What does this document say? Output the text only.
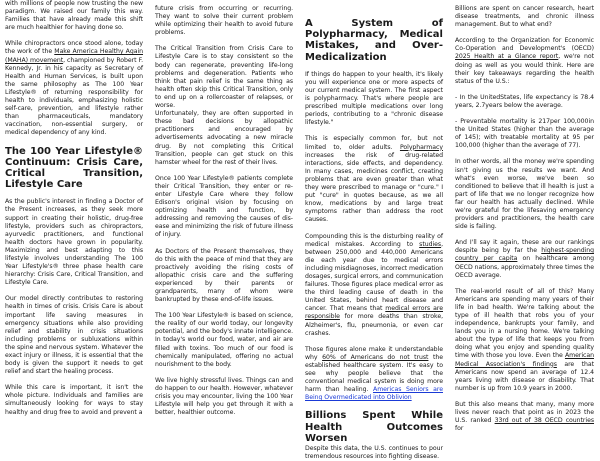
with millions of people now trusting the new paradigm. We raised our family this way. Families that have already made this shift are much healthier for having done so.

While chiropractors once stood alone, today the work of the Make America Healthy Again (MAHA) movement, championed by Robert F. Kennedy, Jr. in his capacity as Secretary of Health and Human Services, is built upon the same philosophy as The 100 Year Lifestyle® of returning responsibility for health to individuals, emphasizing holistic self-care, prevention, and lifestyle rather than pharmaceuticals, mandatory vaccination, non-essential surgery, or medical dependency of any kind.

The 100 Year Lifestyle® Continuum: Crisis Care, Critical Transition, Lifestyle Care

As the public's interest in finding a Doctor of the Present increases, as they seek more support in creating their holistic, drug-free lifestyle, providers such as chiropractors, ayurvedic practitioners, and functional health doctors have grown in popularity. Maximizing and best adapting to this lifestyle involves understanding The 100 Year Lifestyle's® three phase health care hierarchy: Crisis Care, Critical Transition, and Lifestyle Care.

Our model directly contributes to restoring health in times of crisis. Crisis Care is about important life saving measures in emergency situations while also providing relief and stability in crisis situations including problems or subluxations within the spine and nervous system. Whatever the exact injury or illness, it is essential that the body is given the support it needs to get relief and start the healing process.

While this care is important, it isn't the whole picture. Individuals and families are simultaneously looking for ways to stay healthy and drug free to avoid and prevent a

future crisis from occurring or recurring. They want to solve their current problem while optimizing their health to avoid future problems.

The Critical Transition from Crisis Care to Lifestyle Care is to stay consistent so the body can regenerate, preventing life-long problems and degeneration. Patients who think that pain relief is the same thing as health often skip this Critical Transition, only to end up on a rollercoaster of relapses, or worse.

Unfortunately, they are often supported in these bad decisions by allopathic practitioners and encouraged by advertisements advocating a new miracle drug. By not completing this Critical Transition, people can get stuck on this hamster wheel for the rest of their lives.

Once 100 Year Lifestyle® patients complete their Critical Transition, they enter or re-enter Lifestyle Care where they follow Edison's original vision by focusing on optimizing health and function, by addressing and removing the causes of dis-ease and minimizing the risk of future illness of injury.

As Doctors of the Present themselves, they do this with the peace of mind that they are proactively avoiding the rising costs of allopathic crisis care and the suffering experienced by their parents or grandparents, many of whom were bankrupted by these end-of-life issues.

The 100 Year Lifestyle® is based on science, the reality of our world today, our longevity potential, and the body's innate intelligence. In today's world our food, water, and air are filled with toxins. Too much of our food is chemically manipulated, offering no actual nourishment to the body.

We live highly stressful lives. Things can and do happen to our health. However, whatever crisis you may encounter, living the 100 Year Lifestyle will help you get through it with a better, healthier outcome.

A System of Polypharmacy, Medical Mistakes, and Over-Medicalization

If things do happen to your health, it's likely you will experience one or more aspects of our current medical system. The first aspect is polypharmacy. That's where people are prescribed multiple medications over long periods, contributing to a "chronic disease lifestyle."

This is especially common for, but not limited to, older adults. Polypharmacy increases the risk of drug-related interactions, side effects, and dependency. In many cases, medicines conflict, creating problems that are even greater than what they were prescribed to manage or "cure." I put "cure" in quotes because, as we all know, medications by and large treat symptoms rather than address the root causes.

Compounding this is the disturbing reality of medical mistakes. According to studies, between 250,000 and 440,000 Americans die each year due to medical errors including misdiagnoses, incorrect medication dosages, surgical errors, and communication failures. Those figures place medical error as the third leading cause of death in the United States, behind heart disease and cancer. That means that medical errors are responsible for more deaths than stroke, Alzheimer's, flu, pneumonia, or even car crashes.

Those figures alone make it understandable why 60% of Americans do not trust the established healthcare system. It's easy to see why people believe that the conventional medical system is doing more harm than healing. Americas Seniors are Being Overmedicated into Oblivion

Billions Spent While Health Outcomes Worsen

Despite this data, the U.S. continues to pour tremendous resources into fighting disease.

Billions are spent on cancer research, heart disease treatments, and chronic illness management. But to what end?

According to the Organization for Economic Co-Operation and Development's (OECD) 2025 Health at a Glance report, we're not doing as well as you would think. Here are their key takeaways regarding the health status of the U.S.:

- In the UnitedStates, life expectancy is 78.4 years, 2.7years below the average.

- Preventable mortality is 217per 100,000in the United States (higher than the average of 145); with treatable mortality at 95 per 100,000 (higher than the average of 77).

In other words, all the money we're spending isn't giving us the results we want. And what's even worse, we've been so conditioned to believe that ill health is just a part of life that we no longer recognize how far our health has actually declined. While we're grateful for the lifesaving emergency providers and practitioners, the health care side is failing.

And I'll say it again, these are our rankings despite being by far the highest-spending country per capita on healthcare among OECD nations, approximately three times the OECD average.

The real-world result of all of this? Many Americans are spending many years of their life in bad health. We're talking about the type of ill health that robs you of your independence, bankrupts your family, and lands you in a nursing home. We're talking about the type of life that keeps you from doing what you enjoy and spending quality time with those you love. Even the American Medical Association's findings are that Americans now spend an average of 12.4 years living with disease or disability. That number is up from 10.9 years in 2000.

But this also means that many, many more lives never reach that point as in 2023 the U.S. ranked 33rd out of 38 OECD countries for
